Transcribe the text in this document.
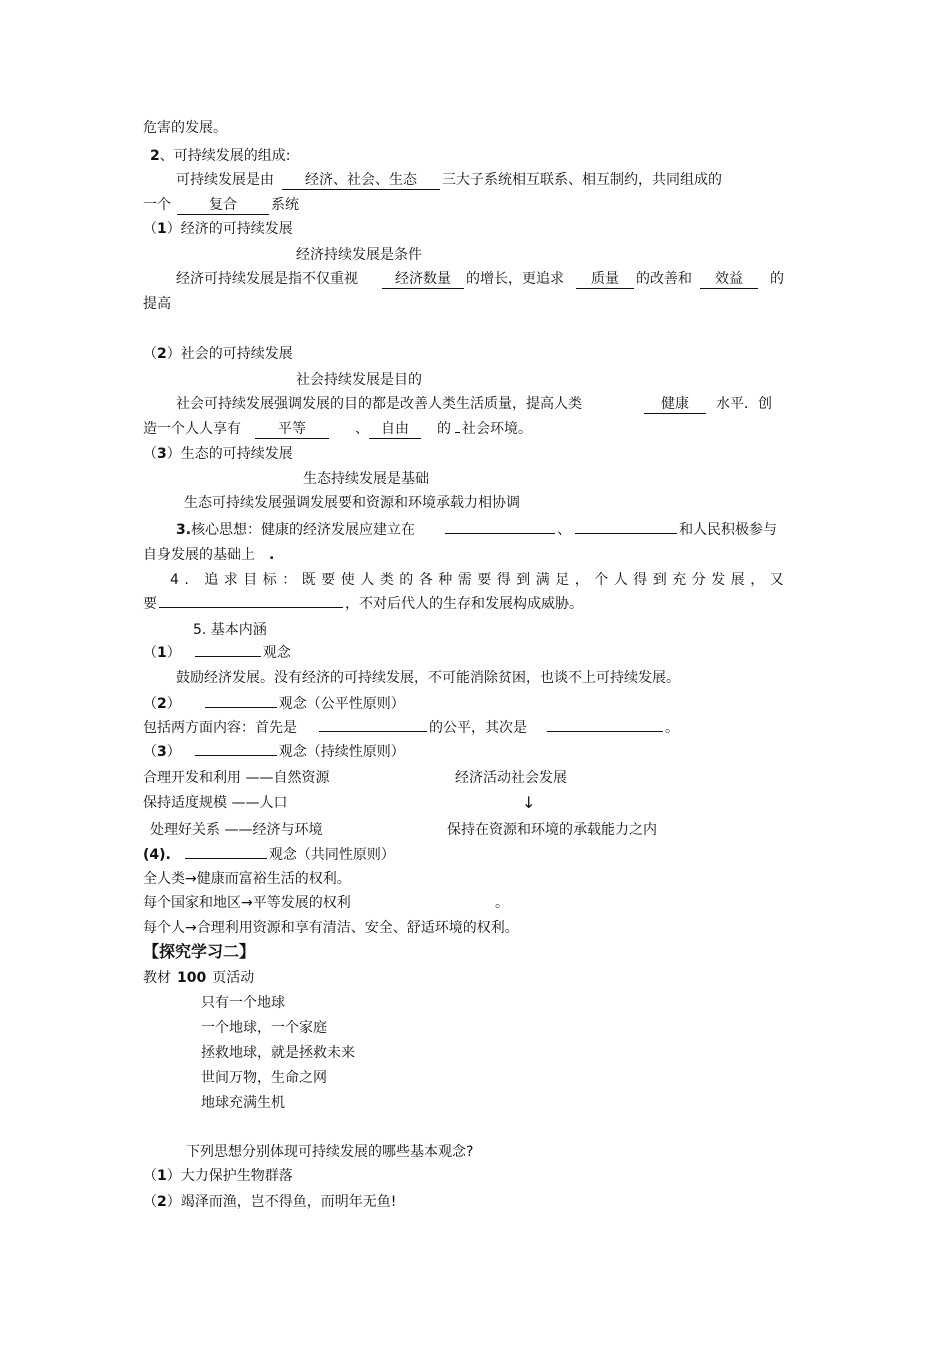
危害的发展。
2、可持续发展的组成:
可持续发展是由 经济、社会、生态 三大子系统相互联系、相互制约，共同组成的
一个	复合 系统
（1）经济的可持续发展
经济持续发展是条件
经济可持续发展是指不仅重视	经济数量 的增长，更追求 质量 的改善和 效益 的
提高
（2）社会的可持续发展
社会持续发展是目的
社会可持续发展强调发展的目的都是改善人类生活质量，提高人类	健康 水平．创
造一个人人享有	平等	、 自由 的 社会环境。
（3）生态的可持续发展
生态持续发展是基础
生态可持续发展强调发展要和资源和环境承载力相协调
3.核心思想：健康的经济发展应建立在	、	和人民积极参与
自身发展的基础上 .
4. 追求目标：既要使人类的各种需要得到满足，个人得到充分发展，又
要	，不对后代人的生存和发展构成威胁。
5. 基本内涵
（1）	观念
鼓励经济发展。没有经济的可持续发展，不可能消除贫困，也谈不上可持续发展。
（2）	观念（公平性原则）
包括两方面内容：首先是	的公平，其次是	。
（3）	观念（持续性原则）
合理开发和利用 ——自然资源	经济活动社会发展
保持适度规模 ——人口	↓
处理好关系 ——经济与环境	保持在资源和环境的承载能力之内
(4).	观念（共同性原则）
全人类→健康而富裕生活的权利。
每个国家和地区→平等发展的权利	。
每个人→合理利用资源和享有清洁、安全、舒适环境的权利。
【探究学习二】
教材 100 页活动
只有一个地球
一个地球，一个家庭
拯救地球，就是拯救未来
世间万物，生命之网
地球充满生机
下列思想分别体现可持续发展的哪些基本观念?
（1）大力保护生物群落
（2）竭泽而渔，岂不得鱼，而明年无鱼!
